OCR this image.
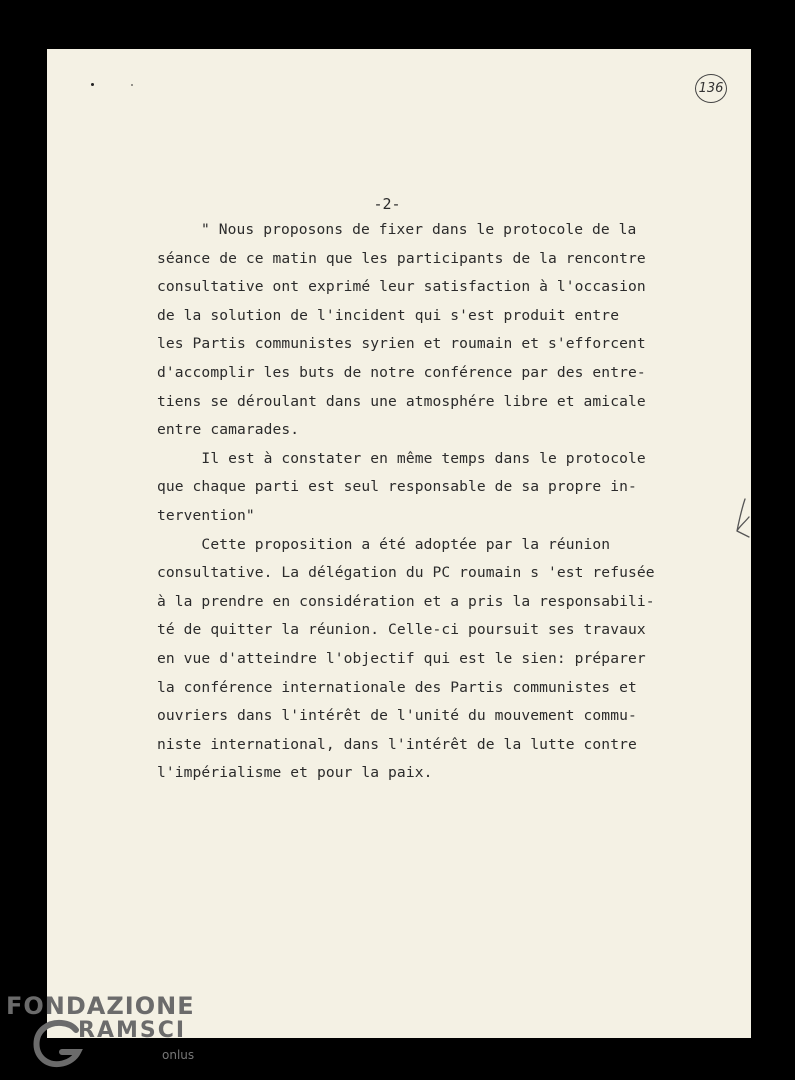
136
-2-
" Nous proposons de fixer dans le protocole de la
séance de ce matin que les participants de la rencontre
consultative ont exprimé leur satisfaction à l'occasion
de la solution de l'incident qui s'est produit entre
les Partis communistes syrien et roumain et s'efforcent
d'accomplir les buts de notre conférence par des entre-
tiens se déroulant dans une atmosphére libre et amicale
entre camarades.
Il est à constater en même temps dans le protocole
que chaque parti est seul responsable de sa propre in-
tervention"
Cette proposition a été adoptée par la réunion
consultative. La délégation du PC roumain s 'est refusée
à la prendre en considération et a pris la responsabili-
té de quitter la réunion. Celle-ci poursuit ses travaux
en vue d'atteindre l'objectif qui est le sien: préparer
la conférence internationale des Partis communistes et
ouvriers dans l'intérêt de l'unité du mouvement commu-
niste international, dans l'intérêt de la lutte contre
l'impérialisme et pour la paix.
FONDAZIONE
RAMSCI
onlus
